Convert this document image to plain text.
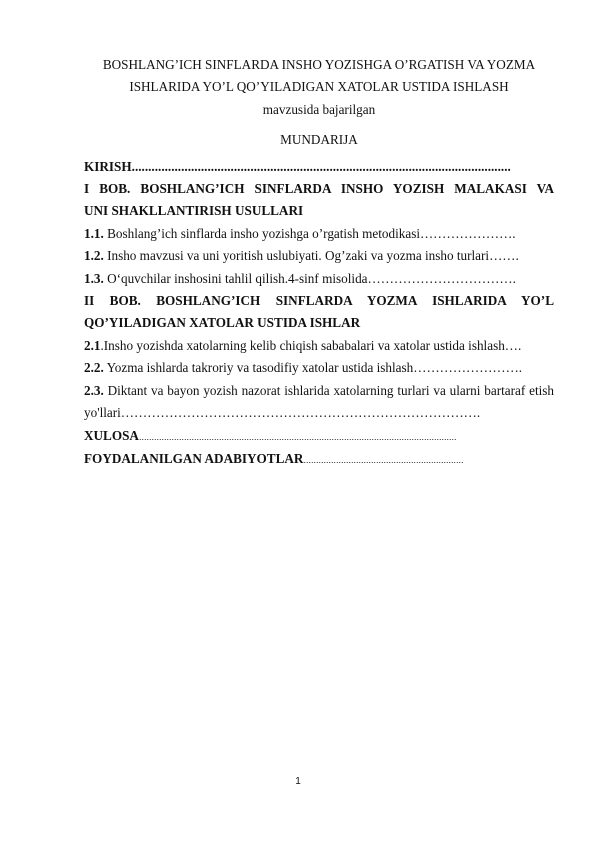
BOSHLANG’ICH SINFLARDA INSHO YOZISHGA O’RGATISH VA YOZMA

ISHLARIDA YO’L QO’YILADIGAN XATOLAR USTIDA ISHLASH

mavzusida bajarilgan

MUNDARIJA

KIRISH...................................................................................................................

I BOB. BOSHLANG’ICH SINFLARDA INSHO YOZISH MALAKASI VA

UNI SHAKLLANTIRISH USULLARI

1.1. Boshlang’ich sinflarda insho yozishga o’rgatish metodikasi………………….

1.2. Insho mavzusi va uni yoritish uslubiyati. Og’zaki va yozma insho turlari…….

1.3. O‘quvchilar inshosini tahlil qilish.4-sinf misolida…………………………….

II BOB. BOSHLANG’ICH SINFLARDA YOZMA ISHLARIDA YO’L

QO’YILADIGAN XATOLAR USTIDA ISHLAR

2.1.Insho yozishda xatolarning kelib chiqish sababalari va xatolar ustida ishlash….

2.2. Yozma ishlarda takroriy va tasodifiy xatolar ustida ishlash…………………….

2.3. Diktant va bayon yozish nazorat ishlarida xatolarning turlari va ularni bartaraf etish yo'llari……………………………………………………………………….

XULOSA...............................................................................................................................

FOYDALANILGAN ADABIYOTLAR................................................................

1
